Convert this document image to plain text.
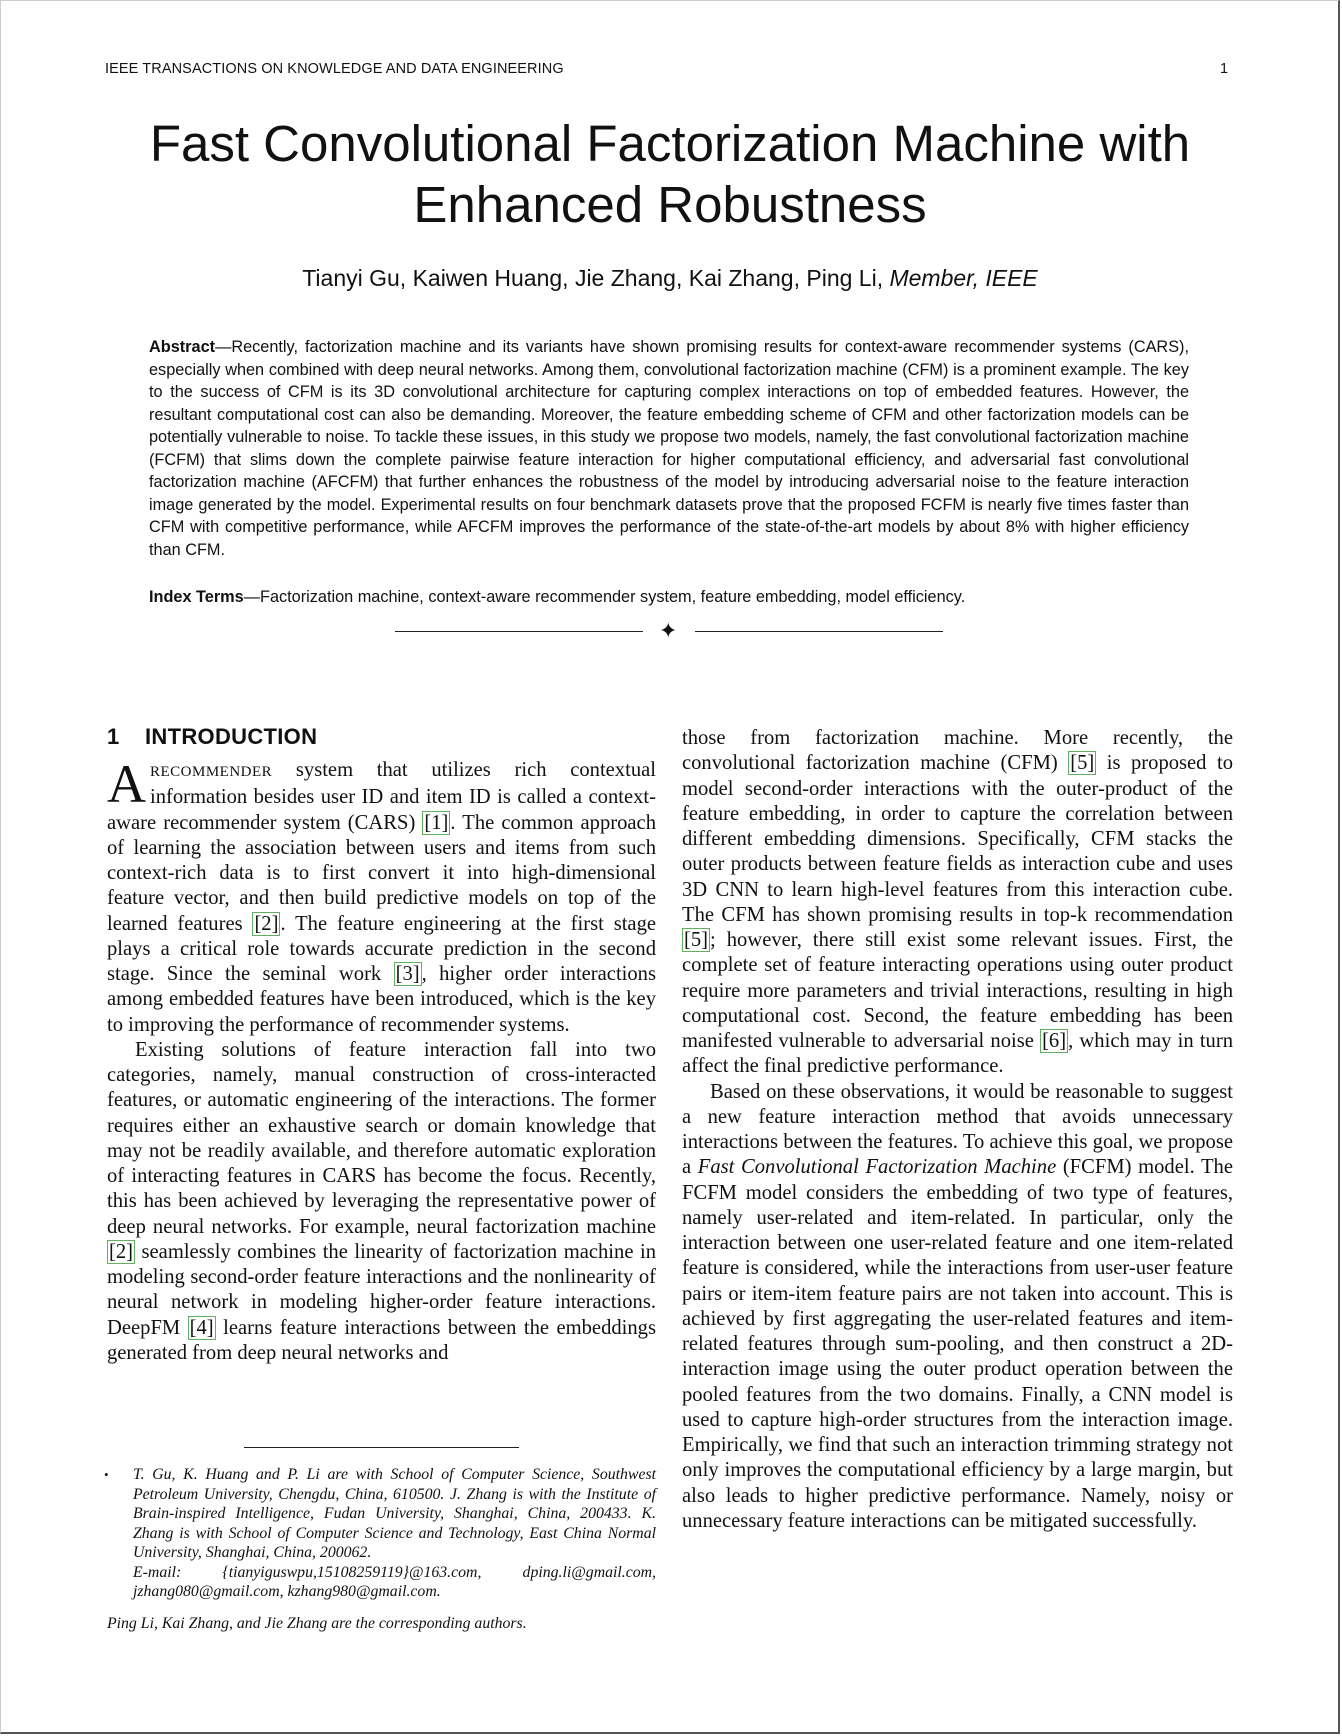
IEEE TRANSACTIONS ON KNOWLEDGE AND DATA ENGINEERING	1
Fast Convolutional Factorization Machine with
Enhanced Robustness
Tianyi Gu, Kaiwen Huang, Jie Zhang, Kai Zhang, Ping Li, Member, IEEE

Abstract—Recently, factorization machine and its variants have shown promising results for context-aware recommender systems (CARS), especially when combined with deep neural networks. Among them, convolutional factorization machine (CFM) is a prominent example. The key to the success of CFM is its 3D convolutional architecture for capturing complex interactions on top of embedded features. However, the resultant computational cost can also be demanding. Moreover, the feature embedding scheme of CFM and other factorization models can be potentially vulnerable to noise. To tackle these issues, in this study we propose two models, namely, the fast convolutional factorization machine (FCFM) that slims down the complete pairwise feature interaction for higher computational efficiency, and adversarial fast convolutional factorization machine (AFCFM) that further enhances the robustness of the model by introducing adversarial noise to the feature interaction image generated by the model. Experimental results on four benchmark datasets prove that the proposed FCFM is nearly five times faster than CFM with competitive performance, while AFCFM improves the performance of the state-of-the-art models by about 8% with higher efficiency than CFM.

Index Terms—Factorization machine, context-aware recommender system, feature embedding, model efficiency.

✦
1 INTRODUCTION

A RECOMMENDER system that utilizes rich contextual information besides user ID and item ID is called a context-aware recommender system (CARS) [1]. The common approach of learning the association between users and items from such context-rich data is to first convert it into high-dimensional feature vector, and then build predictive models on top of the learned features [2]. The feature engineering at the first stage plays a critical role towards accurate prediction in the second stage. Since the seminal work [3], higher order interactions among embedded features have been introduced, which is the key to improving the performance of recommender systems.

Existing solutions of feature interaction fall into two categories, namely, manual construction of cross-interacted features, or automatic engineering of the interactions. The former requires either an exhaustive search or domain knowledge that may not be readily available, and therefore automatic exploration of interacting features in CARS has become the focus. Recently, this has been achieved by leveraging the representative power of deep neural networks. For example, neural factorization machine [2] seamlessly combines the linearity of factorization machine in modeling second-order feature interactions and the nonlinearity of neural network in modeling higher-order feature interactions. DeepFM [4] learns feature interactions between the embeddings generated from deep neural networks and

• T. Gu, K. Huang and P. Li are with School of Computer Science, Southwest Petroleum University, Chengdu, China, 610500. J. Zhang is with the Institute of Brain-inspired Intelligence, Fudan University, Shanghai, China, 200433. K. Zhang is with School of Computer Science and Technology, East China Normal University, Shanghai, China, 200062.
E-mail: {tianyiguswpu,15108259119}@163.com, dping.li@gmail.com, jzhang080@gmail.com, kzhang980@gmail.com.

Ping Li, Kai Zhang, and Jie Zhang are the corresponding authors.

those from factorization machine. More recently, the convolutional factorization machine (CFM) [5] is proposed to model second-order interactions with the outer-product of the feature embedding, in order to capture the correlation between different embedding dimensions. Specifically, CFM stacks the outer products between feature fields as interaction cube and uses 3D CNN to learn high-level features from this interaction cube. The CFM has shown promising results in top-k recommendation [5]; however, there still exist some relevant issues. First, the complete set of feature interacting operations using outer product require more parameters and trivial interactions, resulting in high computational cost. Second, the feature embedding has been manifested vulnerable to adversarial noise [6], which may in turn affect the final predictive performance.

Based on these observations, it would be reasonable to suggest a new feature interaction method that avoids unnecessary interactions between the features. To achieve this goal, we propose a Fast Convolutional Factorization Machine (FCFM) model. The FCFM model considers the embedding of two type of features, namely user-related and item-related. In particular, only the interaction between one user-related feature and one item-related feature is considered, while the interactions from user-user feature pairs or item-item feature pairs are not taken into account. This is achieved by first aggregating the user-related features and item-related features through sum-pooling, and then construct a 2D-interaction image using the outer product operation between the pooled features from the two domains. Finally, a CNN model is used to capture high-order structures from the interaction image. Empirically, we find that such an interaction trimming strategy not only improves the computational efficiency by a large margin, but also leads to higher predictive performance. Namely, noisy or unnecessary feature interactions can be mitigated successfully.
